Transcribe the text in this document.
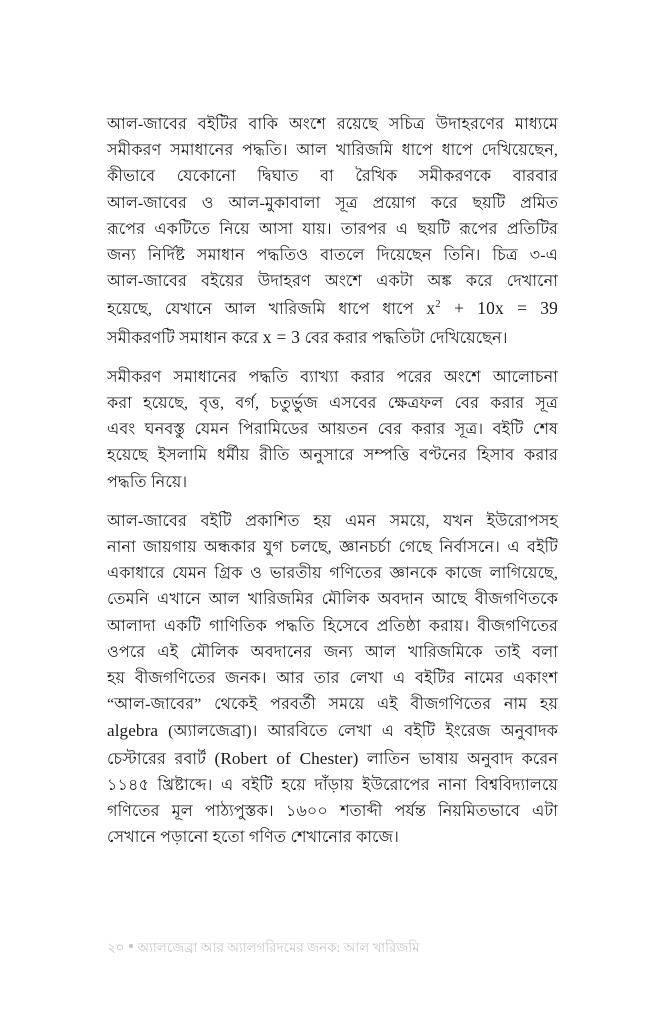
আল-জাবের বইটির বাকি অংশে রয়েছে সচিত্র উদাহরণের মাধ্যমে
সমীকরণ সমাধানের পদ্ধতি। আল খারিজমি ধাপে ধাপে দেখিয়েছেন,
কীভাবে যেকোনো দ্বিঘাত বা রৈখিক সমীকরণকে বারবার
আল-জাবের ও আল-মুকাবালা সূত্র প্রয়োগ করে ছয়টি প্রমিত
রূপের একটিতে নিয়ে আসা যায়। তারপর এ ছয়টি রূপের প্রতিটির
জন্য নির্দিষ্ট সমাধান পদ্ধতিও বাতলে দিয়েছেন তিনি। চিত্র ৩-এ
আল-জাবের বইয়ের উদাহরণ অংশে একটা অঙ্ক করে দেখানো
হয়েছে, যেখানে আল খারিজমি ধাপে ধাপে $x^2 + 10x = 39$
সমীকরণটি সমাধান করে x = 3 বের করার পদ্ধতিটা দেখিয়েছেন।

সমীকরণ সমাধানের পদ্ধতি ব্যাখ্যা করার পরের অংশে আলোচনা
করা হয়েছে, বৃত্ত, বর্গ, চতুর্ভুজ এসবের ক্ষেত্রফল বের করার সূত্র
এবং ঘনবস্তু যেমন পিরামিডের আয়তন বের করার সূত্র। বইটি শেষ
হয়েছে ইসলামি ধর্মীয় রীতি অনুসারে সম্পত্তি বণ্টনের হিসাব করার
পদ্ধতি নিয়ে।

আল-জাবের বইটি প্রকাশিত হয় এমন সময়ে, যখন ইউরোপসহ
নানা জায়গায় অন্ধকার যুগ চলছে, জ্ঞানচর্চা গেছে নির্বাসনে। এ বইটি
একাধারে যেমন গ্রিক ও ভারতীয় গণিতের জ্ঞানকে কাজে লাগিয়েছে,
তেমনি এখানে আল খারিজমির মৌলিক অবদান আছে বীজগণিতকে
আলাদা একটি গাণিতিক পদ্ধতি হিসেবে প্রতিষ্ঠা করায়। বীজগণিতের
ওপরে এই মৌলিক অবদানের জন্য আল খারিজমিকে তাই বলা
হয় বীজগণিতের জনক। আর তার লেখা এ বইটির নামের একাংশ
“আল-জাবের” থেকেই পরবর্তী সময়ে এই বীজগণিতের নাম হয়
algebra (অ্যালজেব্রা)। আরবিতে লেখা এ বইটি ইংরেজ অনুবাদক
চেস্টারের রবার্ট (Robert of Chester) লাতিন ভাষায় অনুবাদ করেন
১১৪৫ খ্রিষ্টাব্দে। এ বইটি হয়ে দাঁড়ায় ইউরোপের নানা বিশ্ববিদ্যালয়ে
গণিতের মূল পাঠ্যপুস্তক। ১৬০০ শতাব্দী পর্যন্ত নিয়মিতভাবে এটা
সেখানে পড়ানো হতো গণিত শেখানোর কাজে।

২০ অ্যালজেব্রা আর অ্যালগরিদমের জনক: আল খারিজমি
